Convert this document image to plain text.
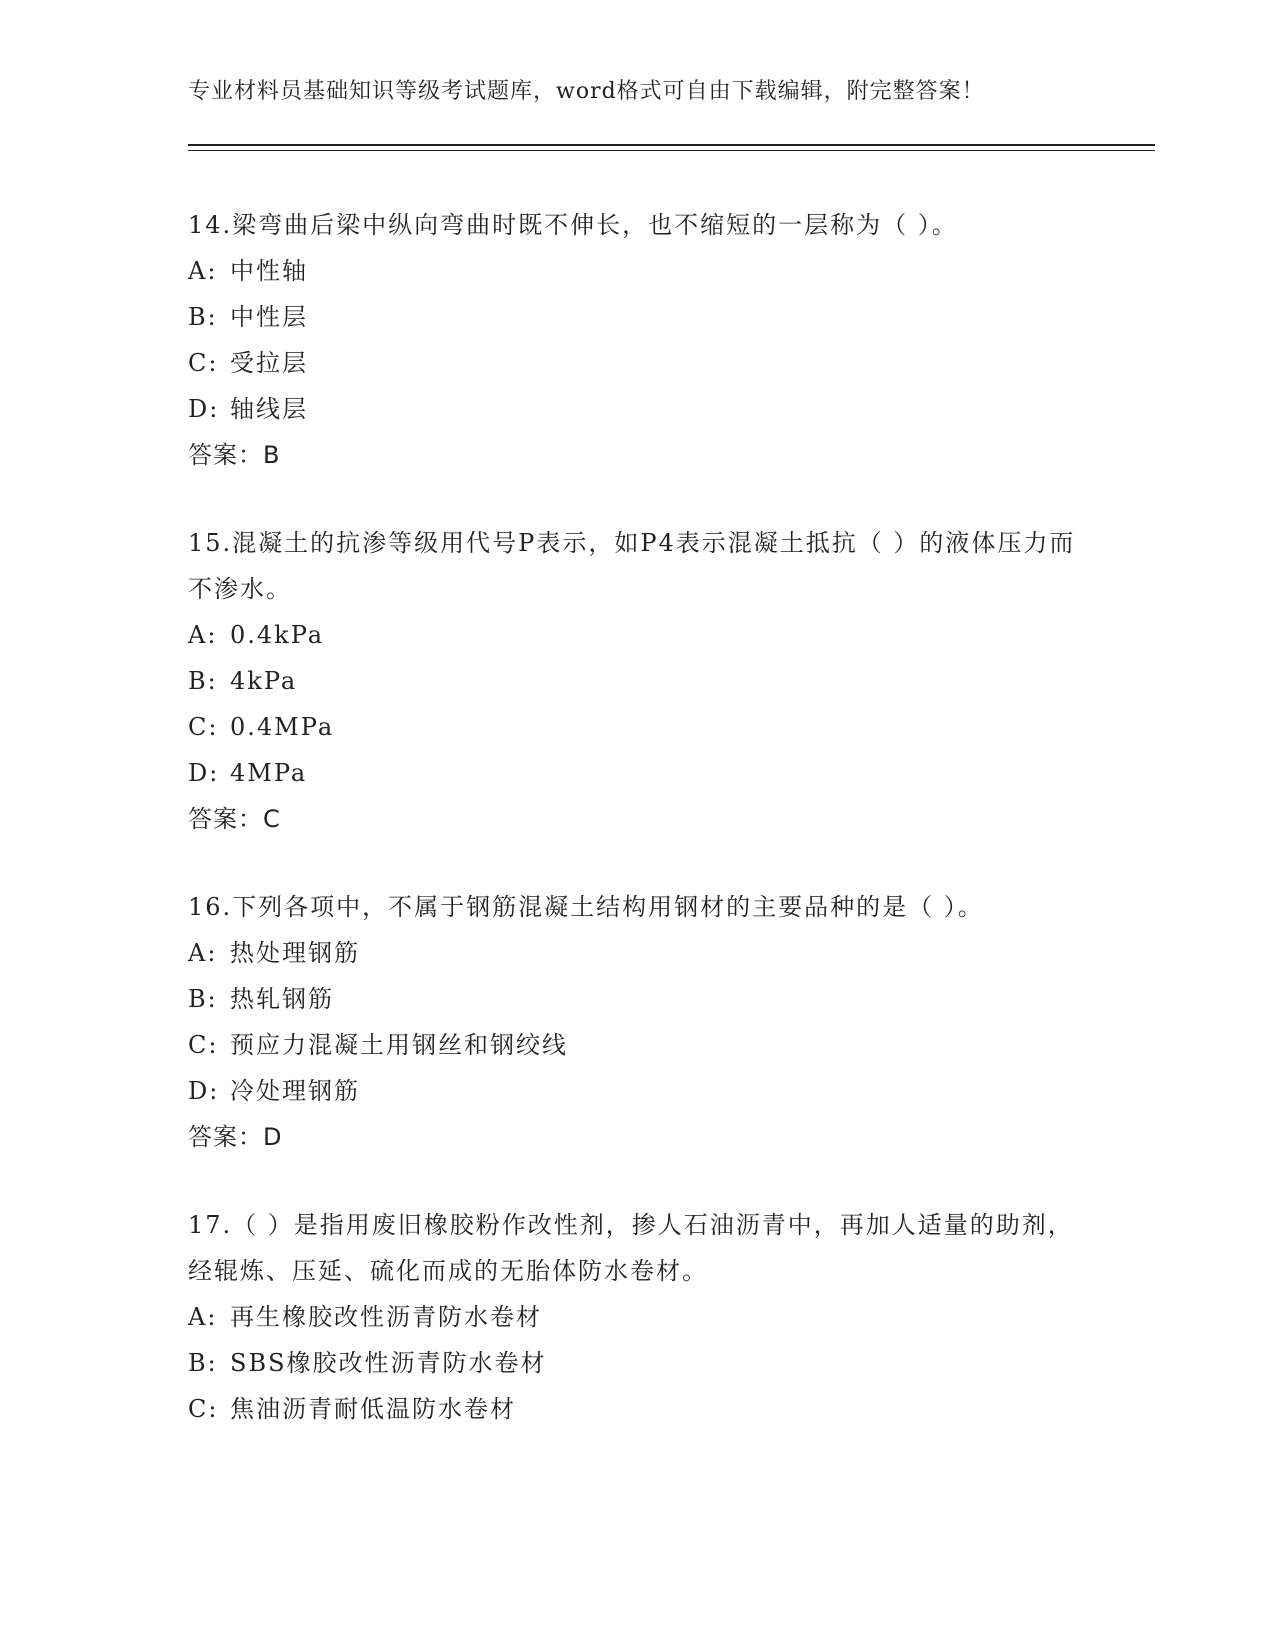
专业材料员基础知识等级考试题库，word格式可自由下载编辑，附完整答案！
14.梁弯曲后梁中纵向弯曲时既不伸长，也不缩短的一层称为（ ）。
A: 中性轴
B: 中性层
C: 受拉层
D: 轴线层
答案：B
15.混凝土的抗渗等级用代号P表示，如P4表示混凝土抵抗（ ）的液体压力而不渗水。
A: 0.4kPa
B: 4kPa
C: 0.4MPa
D: 4MPa
答案：C
16.下列各项中，不属于钢筋混凝土结构用钢材的主要品种的是（ ）。
A: 热处理钢筋
B: 热轧钢筋
C: 预应力混凝土用钢丝和钢绞线
D: 冷处理钢筋
答案：D
17.（ ）是指用废旧橡胶粉作改性剂，掺人石油沥青中，再加人适量的助剂，经辊炼、压延、硫化而成的无胎体防水卷材。
A: 再生橡胶改性沥青防水卷材
B: SBS橡胶改性沥青防水卷材
C: 焦油沥青耐低温防水卷材
